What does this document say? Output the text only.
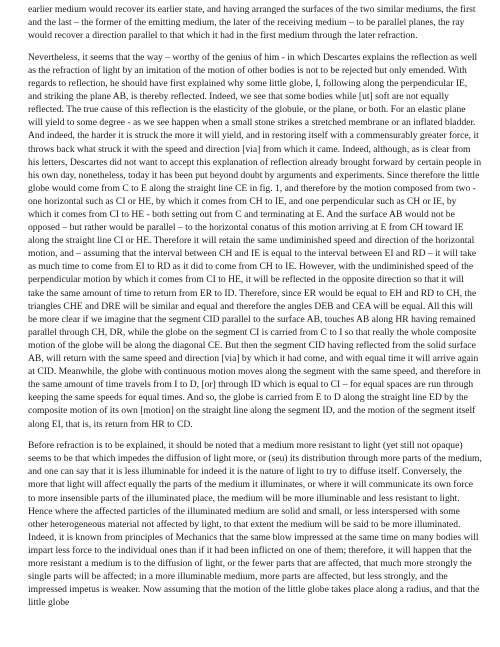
earlier medium would recover its earlier state, and having arranged the surfaces of the two similar mediums, the first and the last – the former of the emitting medium, the later of the receiving medium – to be parallel planes, the ray would recover a direction parallel to that which it had in the first medium through the later refraction.

Nevertheless, it seems that the way – worthy of the genius of him - in which Descartes explains the reflection as well as the refraction of light by an imitation of the motion of other bodies is not to be rejected but only emended. With regards to reflection, he should have first explained why some little globe, I, following along the perpendicular IE, and striking the plane AB, is thereby reflected. Indeed, we see that some bodies while [ut] soft are not equally reflected. The true cause of this reflection is the elasticity of the globule, or the plane, or both. For an elastic plane will yield to some degree - as we see happen when a small stone strikes a stretched membrane or an inflated bladder. And indeed, the harder it is struck the more it will yield, and in restoring itself with a commensurably greater force, it throws back what struck it with the speed and direction [via] from which it came. Indeed, although, as is clear from his letters, Descartes did not want to accept this explanation of reflection already brought forward by certain people in his own day, nonetheless, today it has been put beyond doubt by arguments and experiments. Since therefore the little globe would come from C to E along the straight line CE in fig. 1, and therefore by the motion composed from two - one horizontal such as CI or HE, by which it comes from CH to IE, and one perpendicular such as CH or IE, by which it comes from CI to HE - both setting out from C and terminating at E. And the surface AB would not be opposed – but rather would be parallel – to the horizontal conatus of this motion arriving at E from CH toward IE along the straight line CI or HE. Therefore it will retain the same undiminished speed and direction of the horizontal motion, and – assuming that the interval between CH and IE is equal to the interval between EI and RD – it will take as much time to come from EI to RD as it did to come from CH to IE. However, with the undiminished speed of the perpendicular motion by which it comes from CI to HE, it will be reflected in the opposite direction so that it will take the same amount of time to return from ER to ID. Therefore, since ER would be equal to EH and RD to CH, the triangles CHE and DRE will be similar and equal and therefore the angles DEB and CEA will be equal. All this will be more clear if we imagine that the segment CID parallel to the surface AB, touches AB along HR having remained parallel through CH, DR, while the globe on the segment CI is carried from C to I so that really the whole composite motion of the globe will be along the diagonal CE. But then the segment CID having reflected from the solid surface AB, will return with the same speed and direction [via] by which it had come, and with equal time it will arrive again at CID. Meanwhile, the globe with continuous motion moves along the segment with the same speed, and therefore in the same amount of time travels from I to D, [or] through ID which is equal to CI – for equal spaces are run through keeping the same speeds for equal times. And so, the globe is carried from E to D along the straight line ED by the composite motion of its own [motion] on the straight line along the segment ID, and the motion of the segment itself along EI, that is, its return from HR to CD.

Before refraction is to be explained, it should be noted that a medium more resistant to light (yet still not opaque) seems to be that which impedes the diffusion of light more, or (seu) its distribution through more parts of the medium, and one can say that it is less illuminable for indeed it is the nature of light to try to diffuse itself. Conversely, the more that light will affect equally the parts of the medium it illuminates, or where it will communicate its own force to more insensible parts of the illuminated place, the medium will be more illuminable and less resistant to light. Hence where the affected particles of the illuminated medium are solid and small, or less interspersed with some other heterogeneous material not affected by light, to that extent the medium will be said to be more illuminated. Indeed, it is known from principles of Mechanics that the same blow impressed at the same time on many bodies will impart less force to the individual ones than if it had been inflicted on one of them; therefore, it will happen that the more resistant a medium is to the diffusion of light, or the fewer parts that are affected, that much more strongly the single parts will be affected; in a more illuminable medium, more parts are affected, but less strongly, and the impressed impetus is weaker. Now assuming that the motion of the little globe takes place along a radius, and that the little globe
